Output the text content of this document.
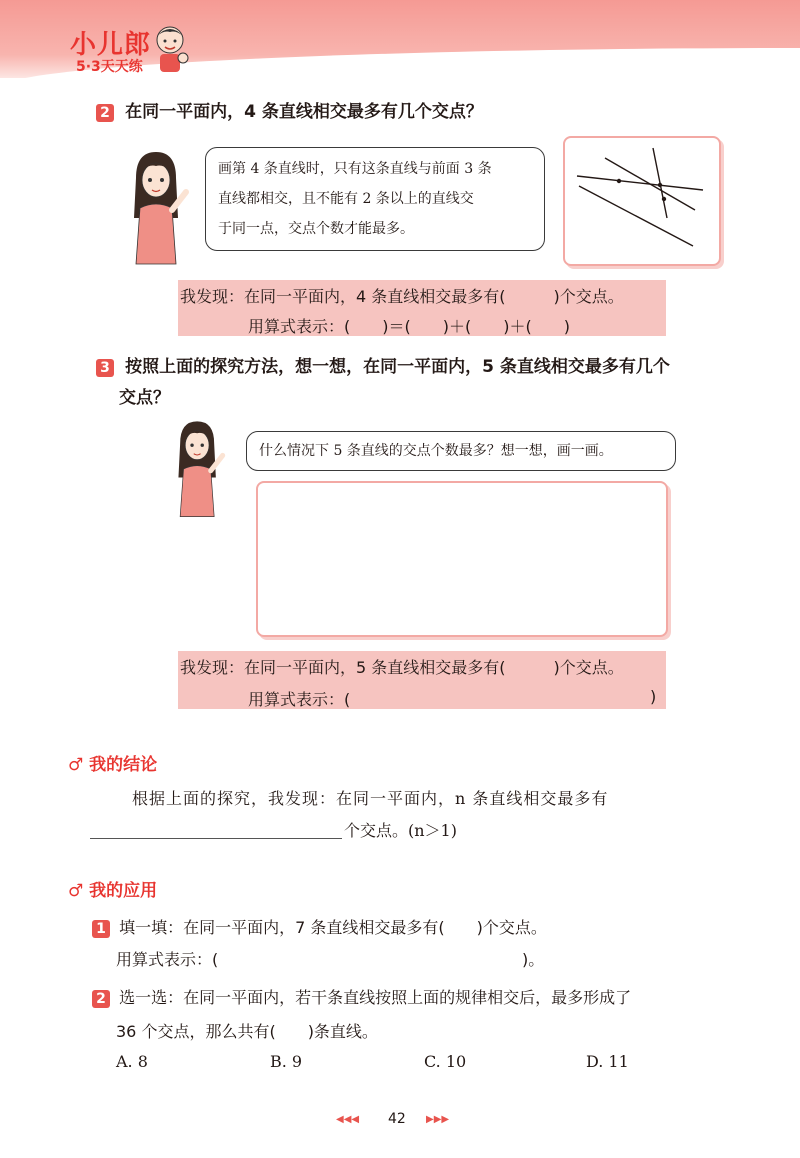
小儿郎
5·3天天练
2 在同一平面内，4 条直线相交最多有几个交点？
画第 4 条直线时，只有这条直线与前面 3 条
直线都相交，且不能有 2 条以上的直线交
于同一点，交点个数才能最多。
我发现：在同一平面内，4 条直线相交最多有(　　　)个交点。
用算式表示：(　　)＝(　　)＋(　　)＋(　　)
3 按照上面的探究方法，想一想，在同一平面内，5 条直线相交最多有几个
交点？
什么情况下 5 条直线的交点个数最多？想一想，画一画。
我发现：在同一平面内，5 条直线相交最多有(　　　)个交点。
用算式表示：(	)
♂ 我的结论
根据上面的探究，我发现：在同一平面内，n 条直线相交最多有
个交点。(n＞1)
♂ 我的应用
1 填一填：在同一平面内，7 条直线相交最多有(　　)个交点。
用算式表示：(	)。
2 选一选：在同一平面内，若干条直线按照上面的规律相交后，最多形成了
36 个交点，那么共有(　　)条直线。
A. 8	B. 9	C. 10	D. 11
◀◀◀ 42 ▶▶▶
